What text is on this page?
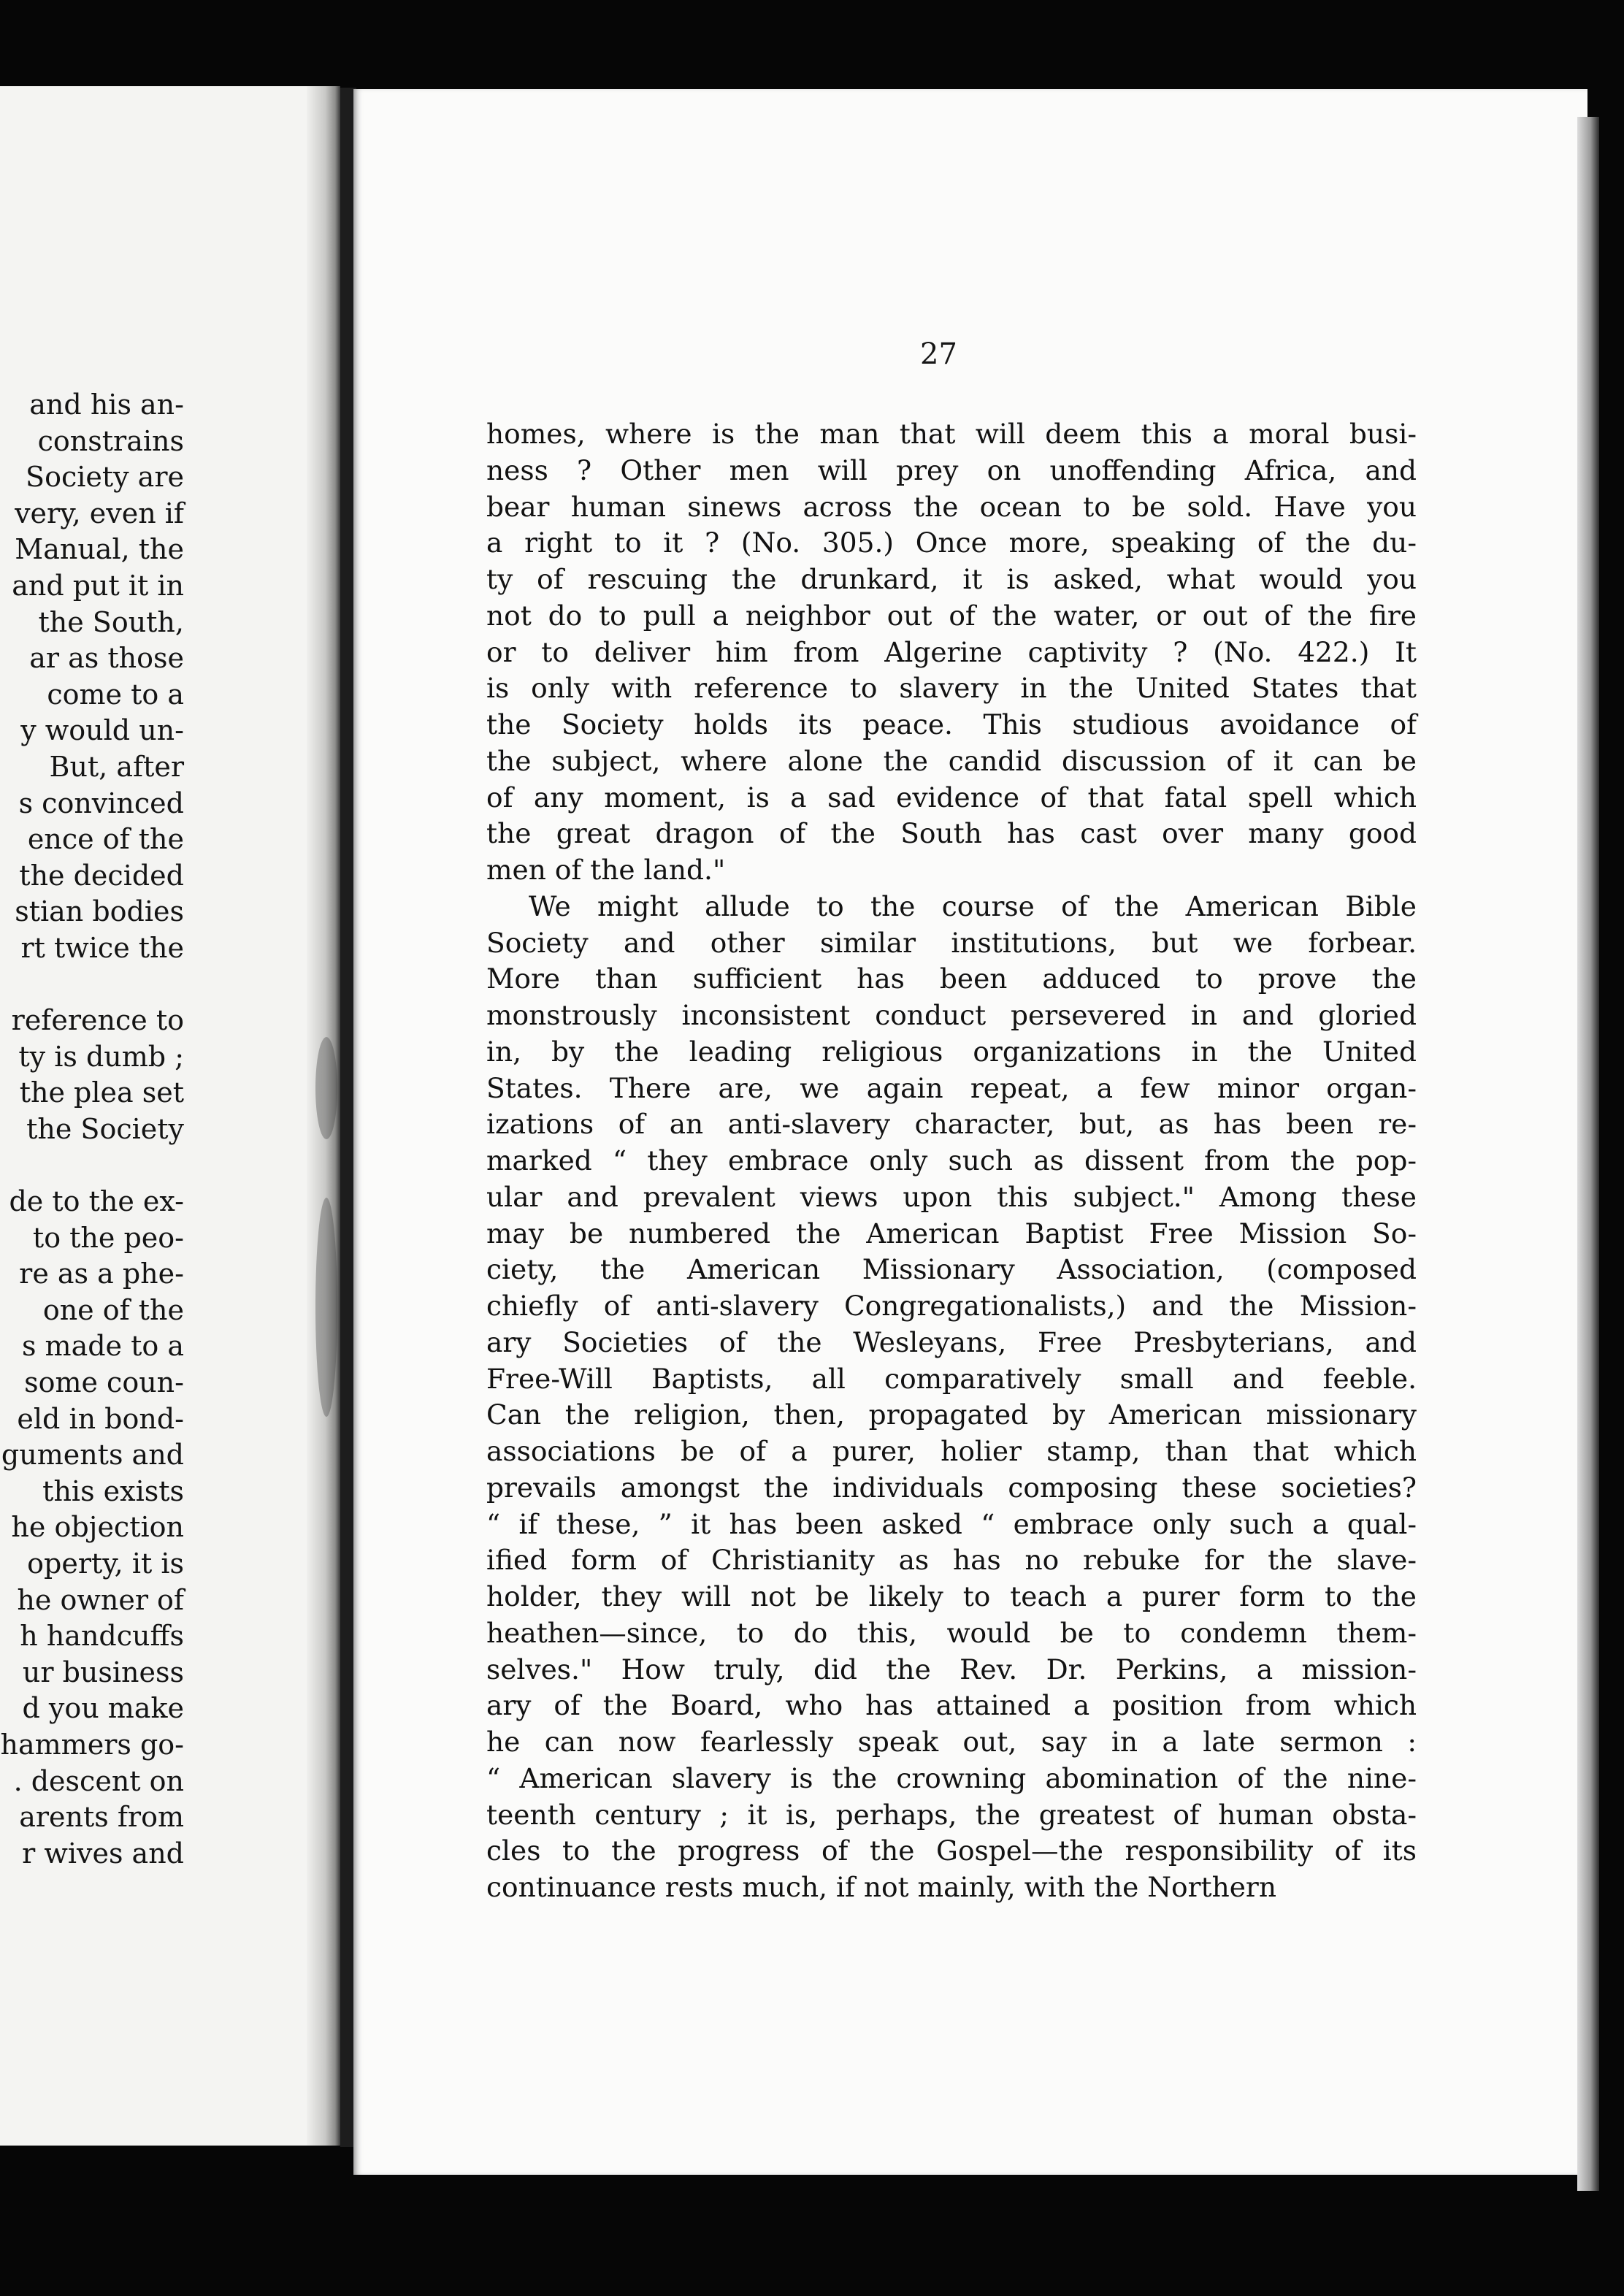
and his an-
constrains
Society are
very, even if
Manual, the
and put it in
the South,
ar as those
come to a
y would un-
But, after
s convinced
ence of the
the decided
stian bodies
rt twice the
reference to
ty is dumb ;
the plea set
the Society
de to the ex-
to the peo-
re as a phe-
one of the
s made to a
some coun-
eld in bond-
guments and
this exists
he objection
operty, it is
he owner of
h handcuffs
ur business
d you make
hammers go-
. descent on
arents from
r wives and

27

homes, where is the man that will deem this a moral busi-
ness ? Other men will prey on unoffending Africa, and
bear human sinews across the ocean to be sold. Have you
a right to it ? (No. 305.) Once more, speaking of the du-
ty of rescuing the drunkard, it is asked, what would you
not do to pull a neighbor out of the water, or out of the fire
or to deliver him from Algerine captivity ? (No. 422.) It
is only with reference to slavery in the United States that
the Society holds its peace. This studious avoidance of
the subject, where alone the candid discussion of it can be
of any moment, is a sad evidence of that fatal spell which
the great dragon of the South has cast over many good
men of the land."
We might allude to the course of the American Bible
Society and other similar institutions, but we forbear.
More than sufficient has been adduced to prove the
monstrously inconsistent conduct persevered in and gloried
in, by the leading religious organizations in the United
States. There are, we again repeat, a few minor organ-
izations of an anti-slavery character, but, as has been re-
marked “ they embrace only such as dissent from the pop-
ular and prevalent views upon this subject." Among these
may be numbered the American Baptist Free Mission So-
ciety, the American Missionary Association, (composed
chiefly of anti-slavery Congregationalists,) and the Mission-
ary Societies of the Wesleyans, Free Presbyterians, and
Free-Will Baptists, all comparatively small and feeble.
Can the religion, then, propagated by American missionary
associations be of a purer, holier stamp, than that which
prevails amongst the individuals composing these societies?
“ if these, ” it has been asked “ embrace only such a qual-
ified form of Christianity as has no rebuke for the slave-
holder, they will not be likely to teach a purer form to the
heathen—since, to do this, would be to condemn them-
selves." How truly, did the Rev. Dr. Perkins, a mission-
ary of the Board, who has attained a position from which
he can now fearlessly speak out, say in a late sermon :
“ American slavery is the crowning abomination of the nine-
teenth century ; it is, perhaps, the greatest of human obsta-
cles to the progress of the Gospel—the responsibility of its
continuance rests much, if not mainly, with the Northern
